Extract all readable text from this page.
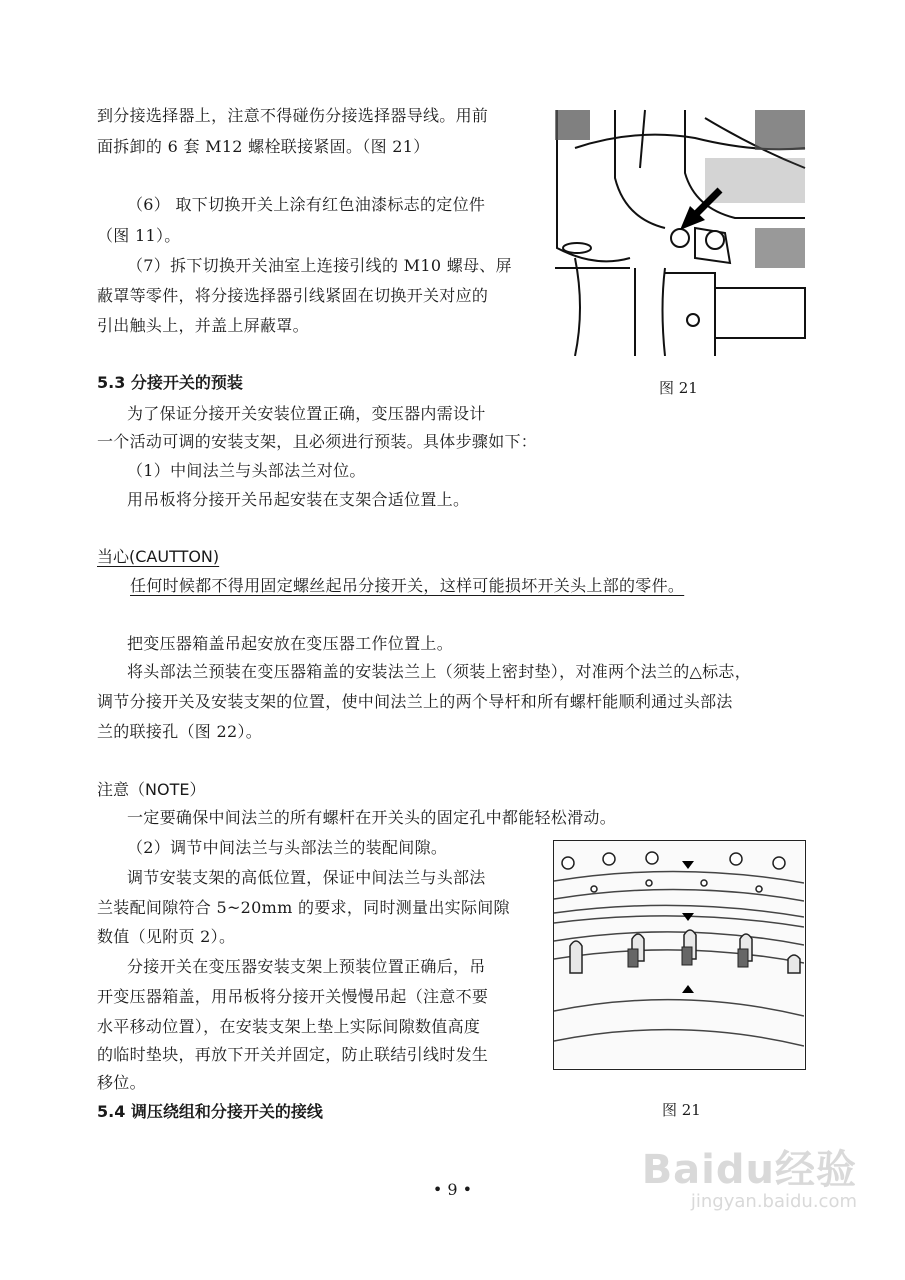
到分接选择器上，注意不得碰伤分接选择器导线。用前
面拆卸的 6 套 M12 螺栓联接紧固。（图 21）
（6） 取下切换开关上涂有红色油漆标志的定位件
（图 11）。
（7）拆下切换开关油室上连接引线的 M10 螺母、屏
蔽罩等零件，将分接选择器引线紧固在切换开关对应的
引出触头上，并盖上屏蔽罩。
5.3 分接开关的预装
为了保证分接开关安装位置正确，变压器内需设计
一个活动可调的安装支架，且必须进行预装。具体步骤如下：
（1）中间法兰与头部法兰对位。
用吊板将分接开关吊起安装在支架合适位置上。
当心(CAUTTON)
任何时候都不得用固定螺丝起吊分接开关，这样可能损坏开关头上部的零件。
把变压器箱盖吊起安放在变压器工作位置上。
将头部法兰预装在变压器箱盖的安装法兰上（须装上密封垫），对准两个法兰的△标志，
调节分接开关及安装支架的位置，使中间法兰上的两个导杆和所有螺杆能顺利通过头部法
兰的联接孔（图 22）。
注意（NOTE）
一定要确保中间法兰的所有螺杆在开关头的固定孔中都能轻松滑动。
（2）调节中间法兰与头部法兰的装配间隙。
调节安装支架的高低位置，保证中间法兰与头部法
兰装配间隙符合 5~20mm 的要求，同时测量出实际间隙
数值（见附页 2）。
分接开关在变压器安装支架上预装位置正确后，吊
开变压器箱盖，用吊板将分接开关慢慢吊起（注意不要
水平移动位置），在安装支架上垫上实际间隙数值高度
的临时垫块，再放下开关并固定，防止联结引线时发生
移位。
5.4 调压绕组和分接开关的接线
图 21
图 21
• 9 •	Baidu经验
jingyan.baidu.com
